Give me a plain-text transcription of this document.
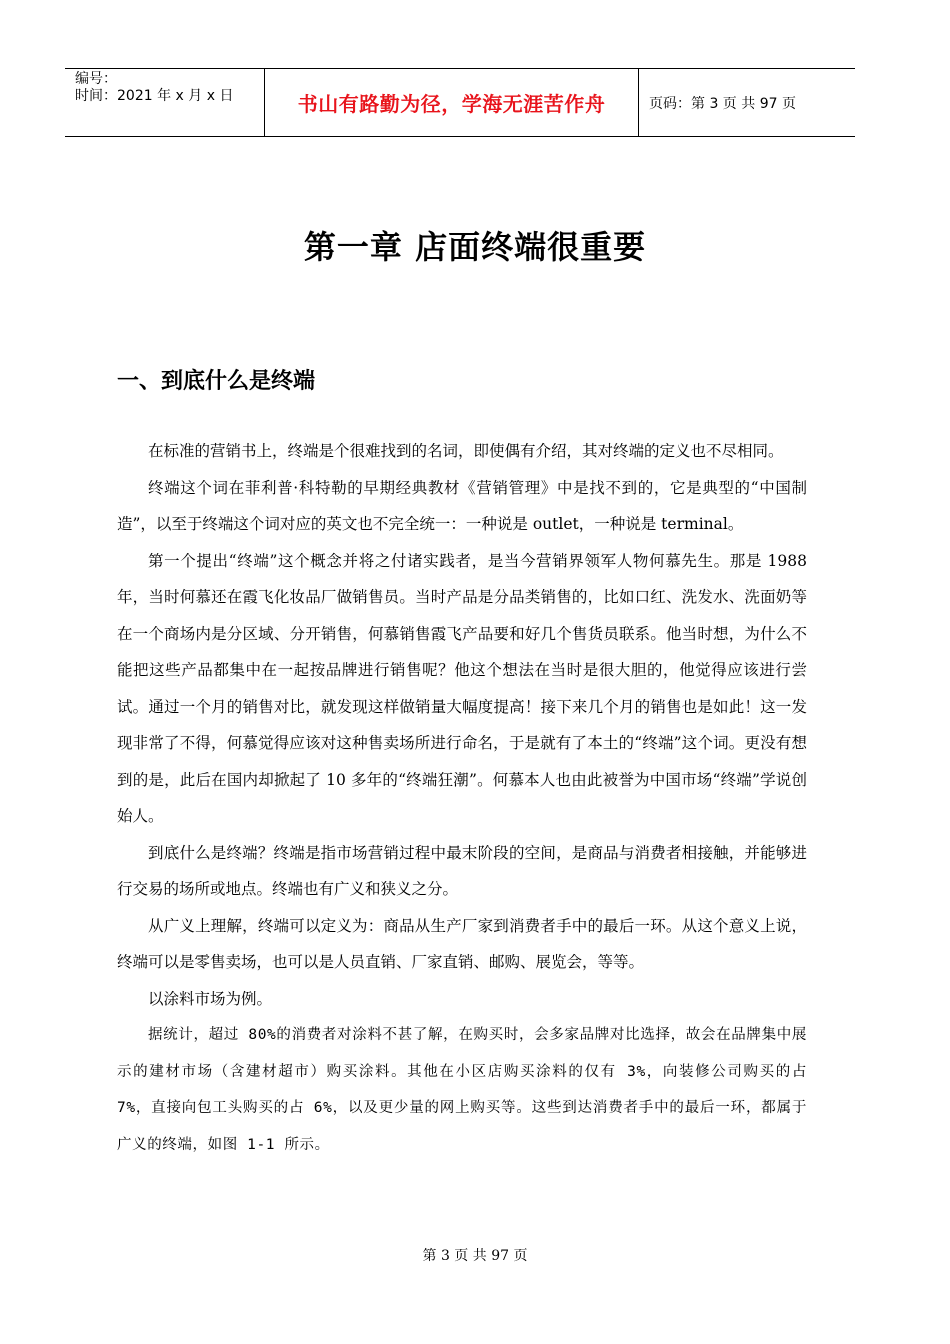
编号：
时间：2021 年 x 月 x 日	书山有路勤为径，学海无涯苦作舟	页码：第 3 页 共 97 页
第一章 店面终端很重要
一、到底什么是终端

在标准的营销书上，终端是个很难找到的名词，即使偶有介绍，其对终端的定义也不尽相同。

终端这个词在菲利普·科特勒的早期经典教材《营销管理》中是找不到的，它是典型的“中国制造”，以至于终端这个词对应的英文也不完全统一：一种说是 outlet，一种说是 terminal。

第一个提出“终端”这个概念并将之付诸实践者，是当今营销界领军人物何慕先生。那是 1988 年，当时何慕还在霞飞化妆品厂做销售员。当时产品是分品类销售的，比如口红、洗发水、洗面奶等在一个商场内是分区域、分开销售，何慕销售霞飞产品要和好几个售货员联系。他当时想，为什么不能把这些产品都集中在一起按品牌进行销售呢？他这个想法在当时是很大胆的，他觉得应该进行尝试。通过一个月的销售对比，就发现这样做销量大幅度提高！接下来几个月的销售也是如此！这一发现非常了不得，何慕觉得应该对这种售卖场所进行命名，于是就有了本土的“终端”这个词。更没有想到的是，此后在国内却掀起了 10 多年的“终端狂潮”。何慕本人也由此被誉为中国市场“终端”学说创始人。

到底什么是终端？终端是指市场营销过程中最末阶段的空间，是商品与消费者相接触，并能够进行交易的场所或地点。终端也有广义和狭义之分。

从广义上理解，终端可以定义为：商品从生产厂家到消费者手中的最后一环。从这个意义上说，终端可以是零售卖场，也可以是人员直销、厂家直销、邮购、展览会，等等。

以涂料市场为例。

据统计，超过 80%的消费者对涂料不甚了解，在购买时，会多家品牌对比选择，故会在品牌集中展示的建材市场（含建材超市）购买涂料。其他在小区店购买涂料的仅有 3%，向装修公司购买的占 7%，直接向包工头购买的占 6%，以及更少量的网上购买等。这些到达消费者手中的最后一环，都属于广义的终端，如图 1-1 所示。

第 3 页 共 97 页
